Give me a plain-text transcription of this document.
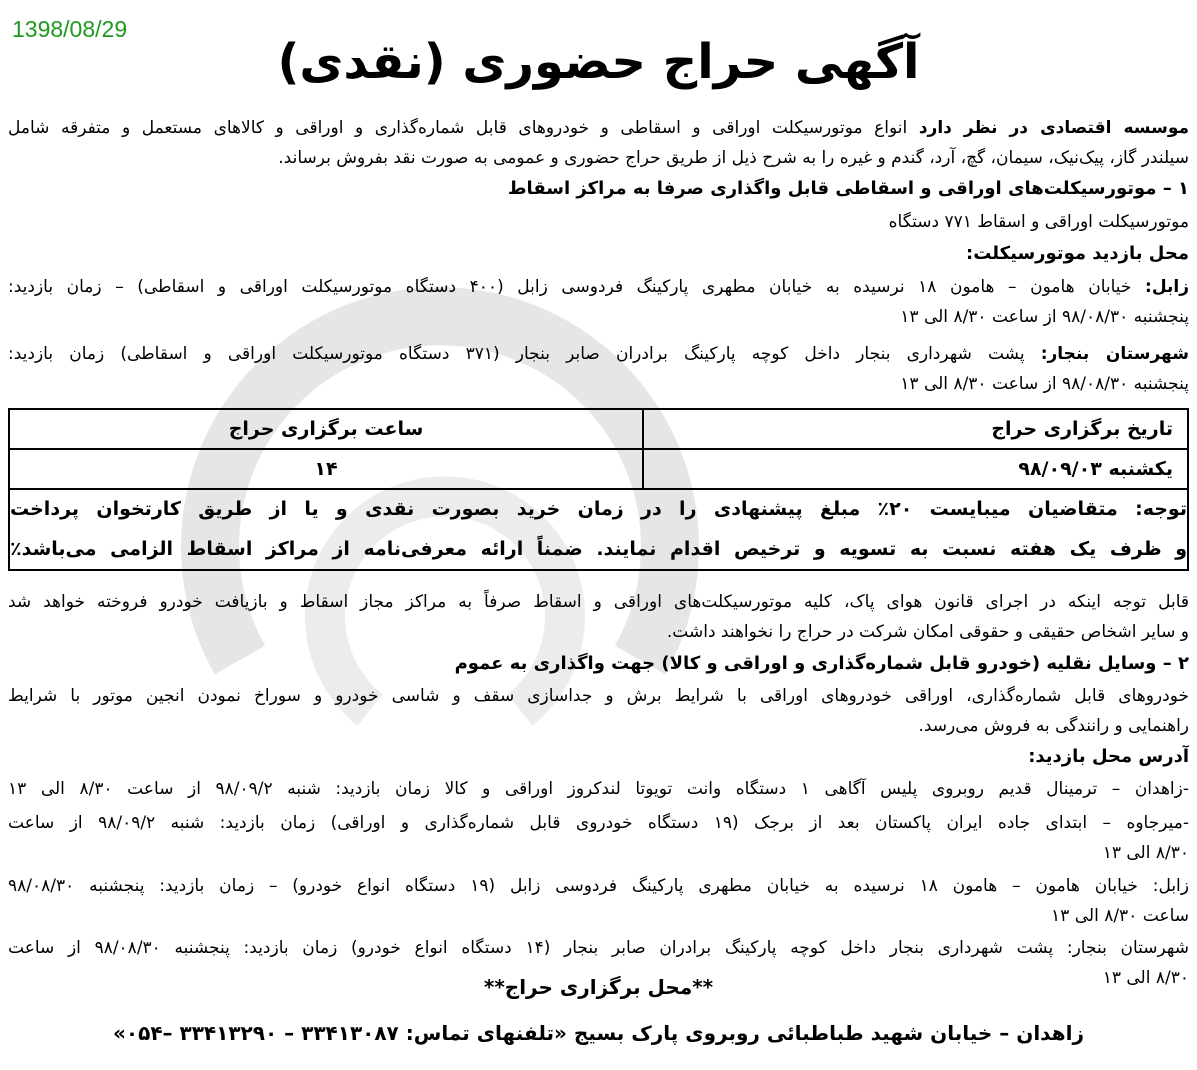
1398/08/29
آگهی حراج حضوری (نقدی)
موسسه اقتصادی در نظر دارد انواع موتورسیکلت اوراقی و اسقاطی و خودروهای قابل شماره‌گذاری و اوراقی و کالاهای مستعمل و متفرقه شامل
سیلندر گاز، پیک‌نیک، سیمان، گچ، آرد، گندم و غیره را به شرح ذیل از طریق حراج حضوری و عمومی به صورت نقد بفروش برساند.
۱ – موتورسیکلت‌های اوراقی و اسقاطی قابل واگذاری صرفا به مراکز اسقاط
موتورسیکلت اوراقی و اسقاط ۷۷۱ دستگاه
محل بازدید موتورسیکلت:
زابل: خیابان هامون – هامون ۱۸ نرسیده به خیابان مطهری پارکینگ فردوسی زابل (۴۰۰ دستگاه موتورسیکلت اوراقی و اسقاطی) – زمان بازدید:
پنجشنبه ۹۸/۰۸/۳۰ از ساعت ۸/۳۰ الی ۱۳
شهرستان بنجار: پشت شهرداری بنجار داخل کوچه پارکینگ برادران صابر بنجار (۳۷۱ دستگاه موتورسیکلت اوراقی و اسقاطی) زمان بازدید:
پنجشنبه ۹۸/۰۸/۳۰ از ساعت ۸/۳۰ الی ۱۳
تاریخ برگزاری حراج	ساعت برگزاری حراج
یکشنبه ۹۸/۰۹/۰۳	۱۴
توجه: متقاضیان میبایست ۲۰٪ مبلغ پیشنهادی را در زمان خرید بصورت نقدی و یا از طریق کارتخوان پرداخت
و ظرف یک هفته نسبت به تسویه و ترخیص اقدام نمایند. ضمناً ارائه معرفی‌نامه از مراکز اسقاط الزامی می‌باشد٪
قابل توجه اینکه در اجرای قانون هوای پاک، کلیه موتورسیکلت‌های اوراقی و اسقاط صرفاً به مراکز مجاز اسقاط و بازیافت خودرو فروخته خواهد شد
و سایر اشخاص حقیقی و حقوقی امکان شرکت در حراج را نخواهند داشت.
۲ – وسایل نقلیه (خودرو قابل شماره‌گذاری و اوراقی و کالا) جهت واگذاری به عموم
خودروهای قابل شماره‌گذاری، اوراقی خودروهای اوراقی با شرایط برش و جداسازی سقف و شاسی خودرو و سوراخ نمودن انجین موتور با شرایط
راهنمایی و رانندگی به فروش می‌رسد.
آدرس محل بازدید:
-زاهدان – ترمینال قدیم روبروی پلیس آگاهی ۱ دستگاه وانت تویوتا لندکروز اوراقی و کالا زمان بازدید: شنبه ۹۸/۰۹/۲ از ساعت ۸/۳۰ الی ۱۳
-میرجاوه – ابتدای جاده ایران پاکستان بعد از برجک (۱۹ دستگاه خودروی قابل شماره‌گذاری و اوراقی) زمان بازدید: شنبه ۹۸/۰۹/۲ از ساعت
۸/۳۰ الی ۱۳
زابل: خیابان هامون – هامون ۱۸ نرسیده به خیابان مطهری پارکینگ فردوسی زابل (۱۹ دستگاه انواع خودرو) – زمان بازدید: پنجشنبه ۹۸/۰۸/۳۰
ساعت ۸/۳۰ الی ۱۳
شهرستان بنجار: پشت شهرداری بنجار داخل کوچه پارکینگ برادران صابر بنجار (۱۴ دستگاه انواع خودرو) زمان بازدید: پنجشنبه ۹۸/۰۸/۳۰ از ساعت
۸/۳۰ الی ۱۳
**محل برگزاری حراج**
زاهدان – خیابان شهید طباطبائی روبروی پارک بسیج «تلفنهای تماس: ۳۳۴۱۳۰۸۷ – ۳۳۴۱۳۲۹۰ –۰۵۴»
